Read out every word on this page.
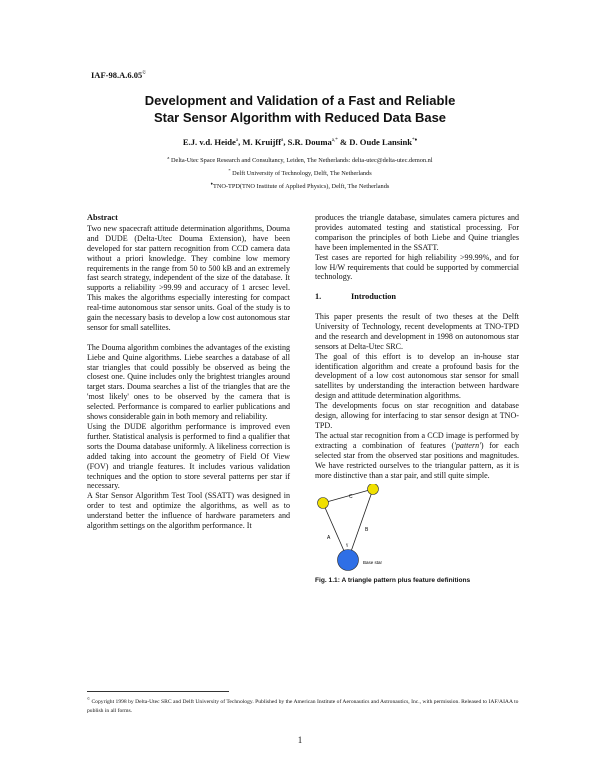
IAF-98.A.6.05©
Development and Validation of a Fast and Reliable
Star Sensor Algorithm with Reduced Data Base
E.J. v.d. Heide$^a$, M. Kruijff$^a$, S.R. Douma$^{a,*}$ & D. Oude Lansink*♦
$^a$ Delta-Utec Space Research and Consultancy, Leiden, The Netherlands: delta-utec@delta-utec.demon.nl
* Delft University of Technology, Delft, The Netherlands
♦TNO-TPD(TNO Institute of Applied Physics), Delft, The Netherlands

Abstract

Two new spacecraft attitude determination algorithms, Douma and DUDE (Delta-Utec Douma Extension), have been developed for star pattern recognition from CCD camera data without a priori knowledge. They combine low memory requirements in the range from 50 to 500 kB and an extremely fast search strategy, independent of the size of the database. It supports a reliability >99.99 and accuracy of 1 arcsec level. This makes the algorithms especially interesting for compact real-time autonomous star sensor units. Goal of the study is to gain the necessary basis to develop a low cost autonomous star sensor for small satellites.

The Douma algorithm combines the advantages of the existing Liebe and Quine algorithms. Liebe searches a database of all star triangles that could possibly be observed as being the closest one. Quine includes only the brightest triangles around target stars. Douma searches a list of the triangles that are the 'most likely' ones to be observed by the camera that is selected. Performance is compared to earlier publications and shows considerable gain in both memory and reliability.

Using the DUDE algorithm performance is improved even further. Statistical analysis is performed to find a qualifier that sorts the Douma database uniformly. A likeliness correction is added taking into account the geometry of Field Of View (FOV) and triangle features. It includes various validation techniques and the option to store several patterns per star if necessary.

A Star Sensor Algorithm Test Tool (SSATT) was designed in order to test and optimize the algorithms, as well as to understand better the influence of hardware parameters and algorithm settings on the algorithm performance. It

produces the triangle database, simulates camera pictures and provides automated testing and statistical processing. For comparison the principles of both Liebe and Quine triangles have been implemented in the SSATT.

Test cases are reported for high reliability >99.99%, and for low H/W requirements that could be supported by commercial technology.

1.	Introduction

This paper presents the result of two theses at the Delft University of Technology, recent developments at TNO-TPD and the research and development in 1998 on autonomous star sensors at Delta-Utec SRC.

The goal of this effort is to develop an in-house star identification algorithm and create a profound basis for the development of a low cost autonomous star sensor for small satellites by understanding the interaction between hardware design and attitude determination algorithms.

The developments focus on star recognition and database design, allowing for interfacing to star sensor design at TNO-TPD.

The actual star recognition from a CCD image is performed by extracting a combination of features ('pattern') for each selected star from the observed star positions and magnitudes. We have restricted ourselves to the triangular pattern, as it is more distinctive than a star pair, and still quite simple.

C
B
A
γ
Base star

Fig. 1.1: A triangle pattern plus feature definitions

© Copyright 1998 by Delta-Utec SRC and Delft University of Technology. Published by the American Institute of Aeronautics and Astronautics, Inc., with permission. Released to IAF/AIAA to publish in all forms.
1
